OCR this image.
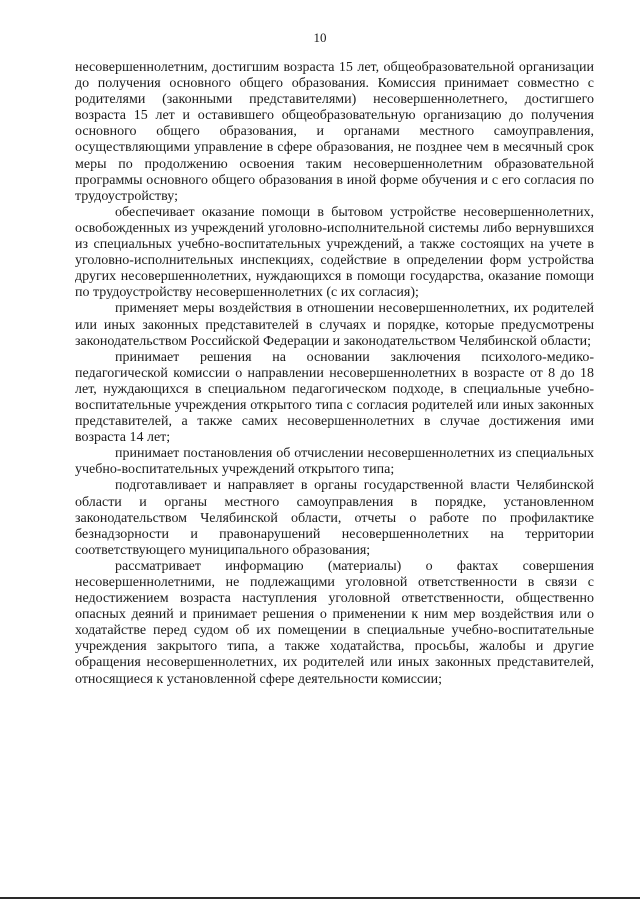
10

несовершеннолетним, достигшим возраста 15 лет, общеобразовательной организации до получения основного общего образования. Комиссия принимает совместно с родителями (законными представителями) несовершеннолетнего, достигшего возраста 15 лет и оставившего общеобразовательную организацию до получения основного общего образования, и органами местного самоуправления, осуществляющими управление в сфере образования, не позднее чем в месячный срок меры по продолжению освоения таким несовершеннолетним образовательной программы основного общего образования в иной форме обучения и с его согласия по трудоустройству;

обеспечивает оказание помощи в бытовом устройстве несовершеннолетних, освобожденных из учреждений уголовно-исполнительной системы либо вернувшихся из специальных учебно-воспитательных учреждений, а также состоящих на учете в уголовно-исполнительных инспекциях, содействие в определении форм устройства других несовершеннолетних, нуждающихся в помощи государства, оказание помощи по трудоустройству несовершеннолетних (с их согласия);

применяет меры воздействия в отношении несовершеннолетних, их родителей или иных законных представителей в случаях и порядке, которые предусмотрены законодательством Российской Федерации и законодательством Челябинской области;

принимает решения на основании заключения психолого-медико-педагогической комиссии о направлении несовершеннолетних в возрасте от 8 до 18 лет, нуждающихся в специальном педагогическом подходе, в специальные учебно-воспитательные учреждения открытого типа с согласия родителей или иных законных представителей, а также самих несовершеннолетних в случае достижения ими возраста 14 лет;

принимает постановления об отчислении несовершеннолетних из специальных учебно-воспитательных учреждений открытого типа;

подготавливает и направляет в органы государственной власти Челябинской области и органы местного самоуправления в порядке, установленном законодательством Челябинской области, отчеты о работе по профилактике безнадзорности и правонарушений несовершеннолетних на территории соответствующего муниципального образования;

рассматривает информацию (материалы) о фактах совершения несовершеннолетними, не подлежащими уголовной ответственности в связи с недостижением возраста наступления уголовной ответственности, общественно опасных деяний и принимает решения о применении к ним мер воздействия или о ходатайстве перед судом об их помещении в специальные учебно-воспитательные учреждения закрытого типа, а также ходатайства, просьбы, жалобы и другие обращения несовершеннолетних, их родителей или иных законных представителей, относящиеся к установленной сфере деятельности комиссии;
